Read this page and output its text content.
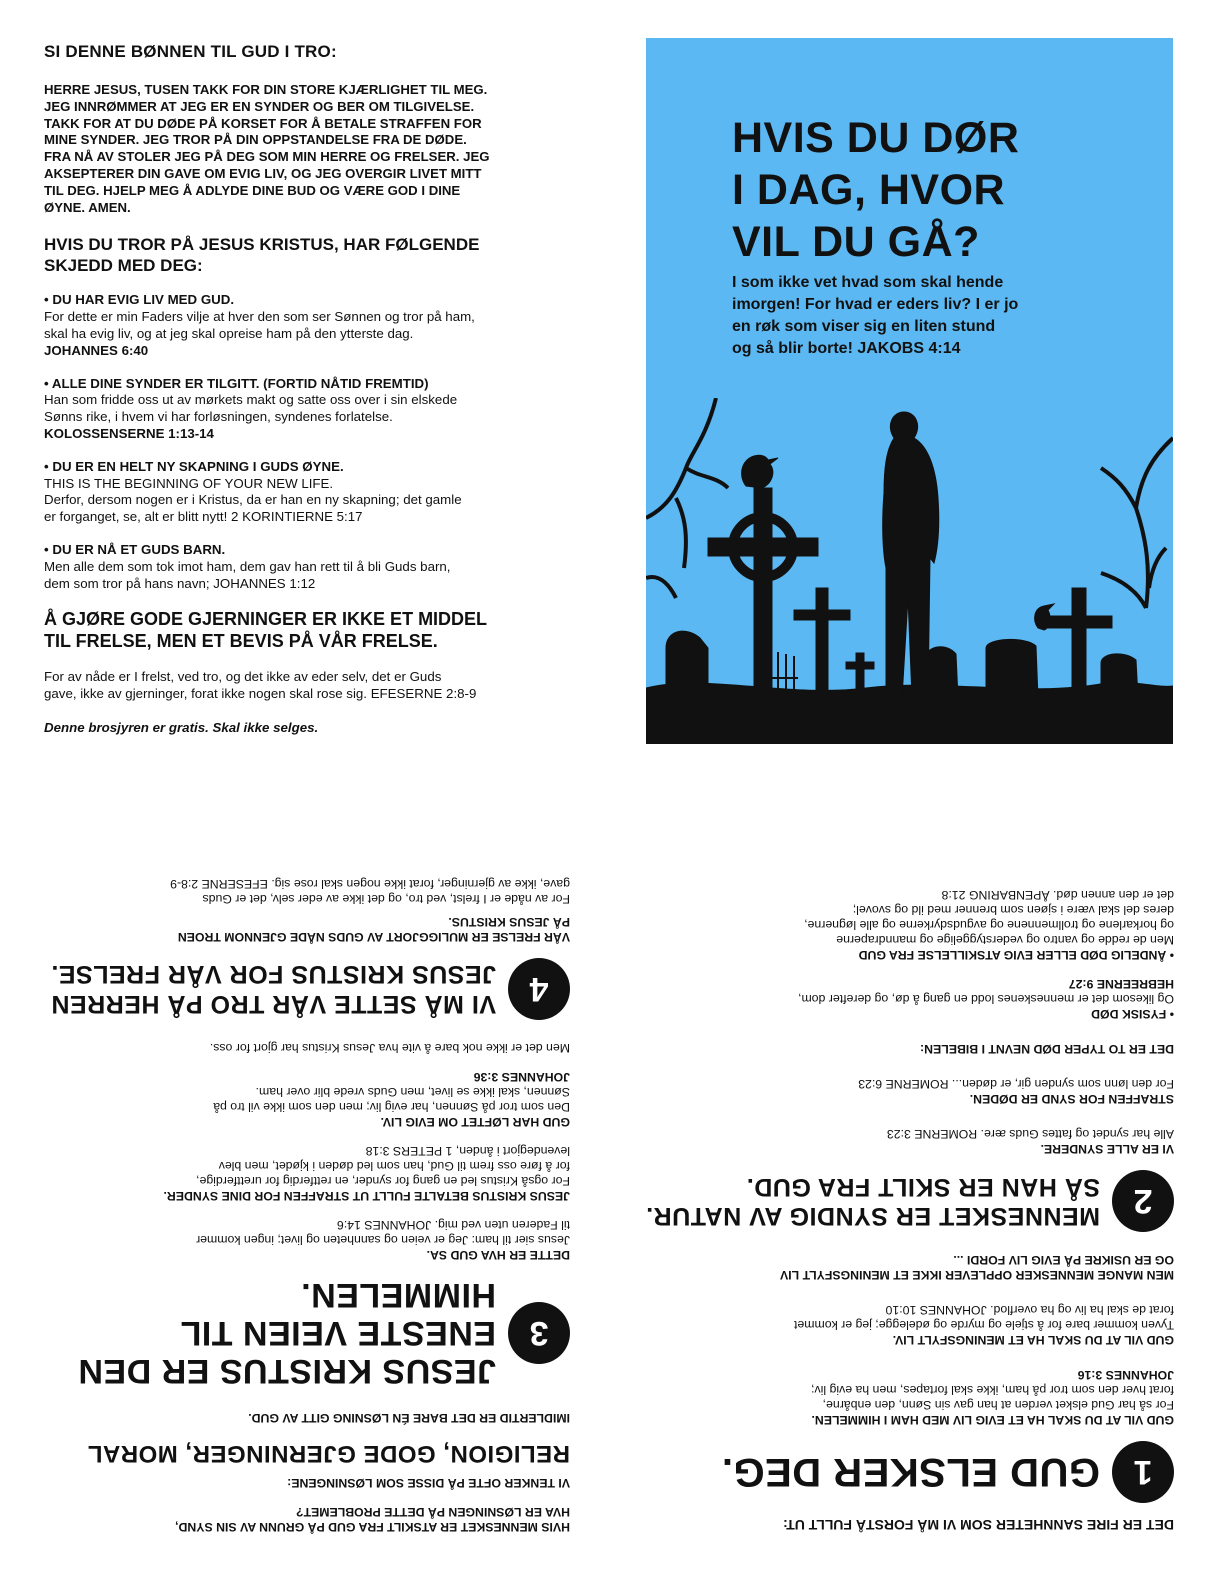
SI DENNE BØNNEN TIL GUD I TRO:
HERRE JESUS, TUSEN TAKK FOR DIN STORE KJÆRLIGHET TIL MEG.
JEG INNRØMMER AT JEG ER EN SYNDER OG BER OM TILGIVELSE.
TAKK FOR AT DU DØDE PÅ KORSET FOR Å BETALE STRAFFEN FOR
MINE SYNDER. JEG TROR PÅ DIN OPPSTANDELSE FRA DE DØDE.
FRA NÅ AV STOLER JEG PÅ DEG SOM MIN HERRE OG FRELSER. JEG
AKSEPTERER DIN GAVE OM EVIG LIV, OG JEG OVERGIR LIVET MITT
TIL DEG. HJELP MEG Å ADLYDE DINE BUD OG VÆRE GOD I DINE
ØYNE. AMEN.
HVIS DU TROR PÅ JESUS KRISTUS, HAR FØLGENDE
SKJEDD MED DEG:
• DU HAR EVIG LIV MED GUD.
For dette er min Faders vilje at hver den som ser Sønnen og tror på ham,
skal ha evig liv, og at jeg skal opreise ham på den ytterste dag.
JOHANNES 6:40
• ALLE DINE SYNDER ER TILGITT. (FORTID NÅTID FREMTID)
Han som fridde oss ut av mørkets makt og satte oss over i sin elskede
Sønns rike, i hvem vi har forløsningen, syndenes forlatelse.
KOLOSSENSERNE 1:13-14
• DU ER EN HELT NY SKAPNING I GUDS ØYNE.
THIS IS THE BEGINNING OF YOUR NEW LIFE.
Derfor, dersom nogen er i Kristus, da er han en ny skapning; det gamle
er forganget, se, alt er blitt nytt! 2 KORINTIERNE 5:17
• DU ER NÅ ET GUDS BARN.
Men alle dem som tok imot ham, dem gav han rett til å bli Guds barn,
dem som tror på hans navn; JOHANNES 1:12
Å GJØRE GODE GJERNINGER ER IKKE ET MIDDEL
TIL FRELSE, MEN ET BEVIS PÅ VÅR FRELSE.
For av nåde er I frelst, ved tro, og det ikke av eder selv, det er Guds
gave, ikke av gjerninger, forat ikke nogen skal rose sig. EFESERNE 2:8-9
Denne brosjyren er gratis. Skal ikke selges.
HVIS DU DØR
I DAG, HVOR
VIL DU GÅ?
I som ikke vet hvad som skal hende
imorgen! For hvad er eders liv? I er jo
en røk som viser sig en liten stund
og så blir borte! JAKOBS 4:14
DET ER FIRE SANNHETER SOM VI MÅ FORSTÅ FULLT UT:
1
GUD ELSKER DEG.
GUD VIL AT DU SKAL HA ET EVIG LIV MED HAM I HIMMELEN.
For så har Gud elsket verden at han gav sin Sønn, den enbårne,
forat hver den som tror på ham, ikke skal fortapes, men ha evig liv;
JOHANNES 3:16
GUD VIL AT DU SKAL HA ET MENINGSFYLT LIV.
Tyven kommer bare for å stjele og myrde og ødelegge; jeg er kommet
forat de skal ha liv og ha overflod. JOHANNES 10:10
MEN MANGE MENNESKER OPPLEVER IKKE ET MENINGSFYLT LIV
OG ER USIKRE PÅ EVIG LIV FORDI ...
2
MENNESKET ER SYNDIG AV NATUR.
SÅ HAN ER SKILT FRA GUD.
VI ER ALLE SYNDERE.
Alle har syndet og fattes Guds ære. ROMERNE 3:23
STRAFFEN FOR SYND ER DØDEN.
For den lønn som synden gir, er døden... ROMERNE 6:23
DET ER TO TYPER DØD NEVNT I BIBELEN:
• FYSISK DØD
Og likesom det er menneskenes lodd en gang å dø, og derefter dom,
HEBREERNE 9:27
• ÅNDELIG DØD ELLER EVIG ATSKILLELSE FRA GUD
Men de redde og vantro og vederstyggelige og manndraperne
og horkarlene og trollmennene og avgudsdyrkerne og alle løgnerne,
deres del skal være i sjøen som brenner med ild og svovel;
det er den annen død. ÅPENBARING 21:8
HVIS MENNESKET ER ATSKILT FRA GUD PÅ GRUNN AV SIN SYND,
HVA ER LØSNINGEN PÅ DETTE PROBLEMET?
VI TENKER OFTE PÅ DISSE SOM LØSNINGENE:
RELIGION, GODE GJERNINGER, MORAL
IMIDLERTID ER DET BARE ÉN LØSNING GITT AV GUD.
3
JESUS KRISTUS ER DEN
ENESTE VEIEN TIL
HIMMELEN.
DETTE ER HVA GUD SA.
Jesus sier til ham: Jeg er veien og sannheten og livet; ingen kommer
til Faderen uten ved mig. JOHANNES 14:6
JESUS KRISTUS BETALTE FULLT UT STRAFFEN FOR DINE SYNDER.
For også Kristus led en gang for synder, en rettferdig for urettferdige,
for å føre oss frem til Gud, han som led døden i kjødet, men blev
levendegjort i ånden, 1 PETERS 3:18
GUD HAR LØFTET OM EVIG LIV.
Den som tror på Sønnen, har evig liv; men den som ikke vil tro på
Sønnen, skal ikke se livet, men Guds vrede blir over ham.
JOHANNES 3:36
Men det er ikke nok bare å vite hva Jesus Kristus har gjort for oss.
4
VI MÅ SETTE VÅR TRO PÅ HERREN
JESUS KRISTUS FOR VÅR FRELSE.
VÅR FRELSE ER MULIGGJORT AV GUDS NÅDE GJENNOM TROEN
PÅ JESUS KRISTUS.
For av nåde er I frelst, ved tro, og det ikke av eder selv, det er Guds
gave, ikke av gjerninger, forat ikke nogen skal rose sig. EFESERNE 2:8-9
